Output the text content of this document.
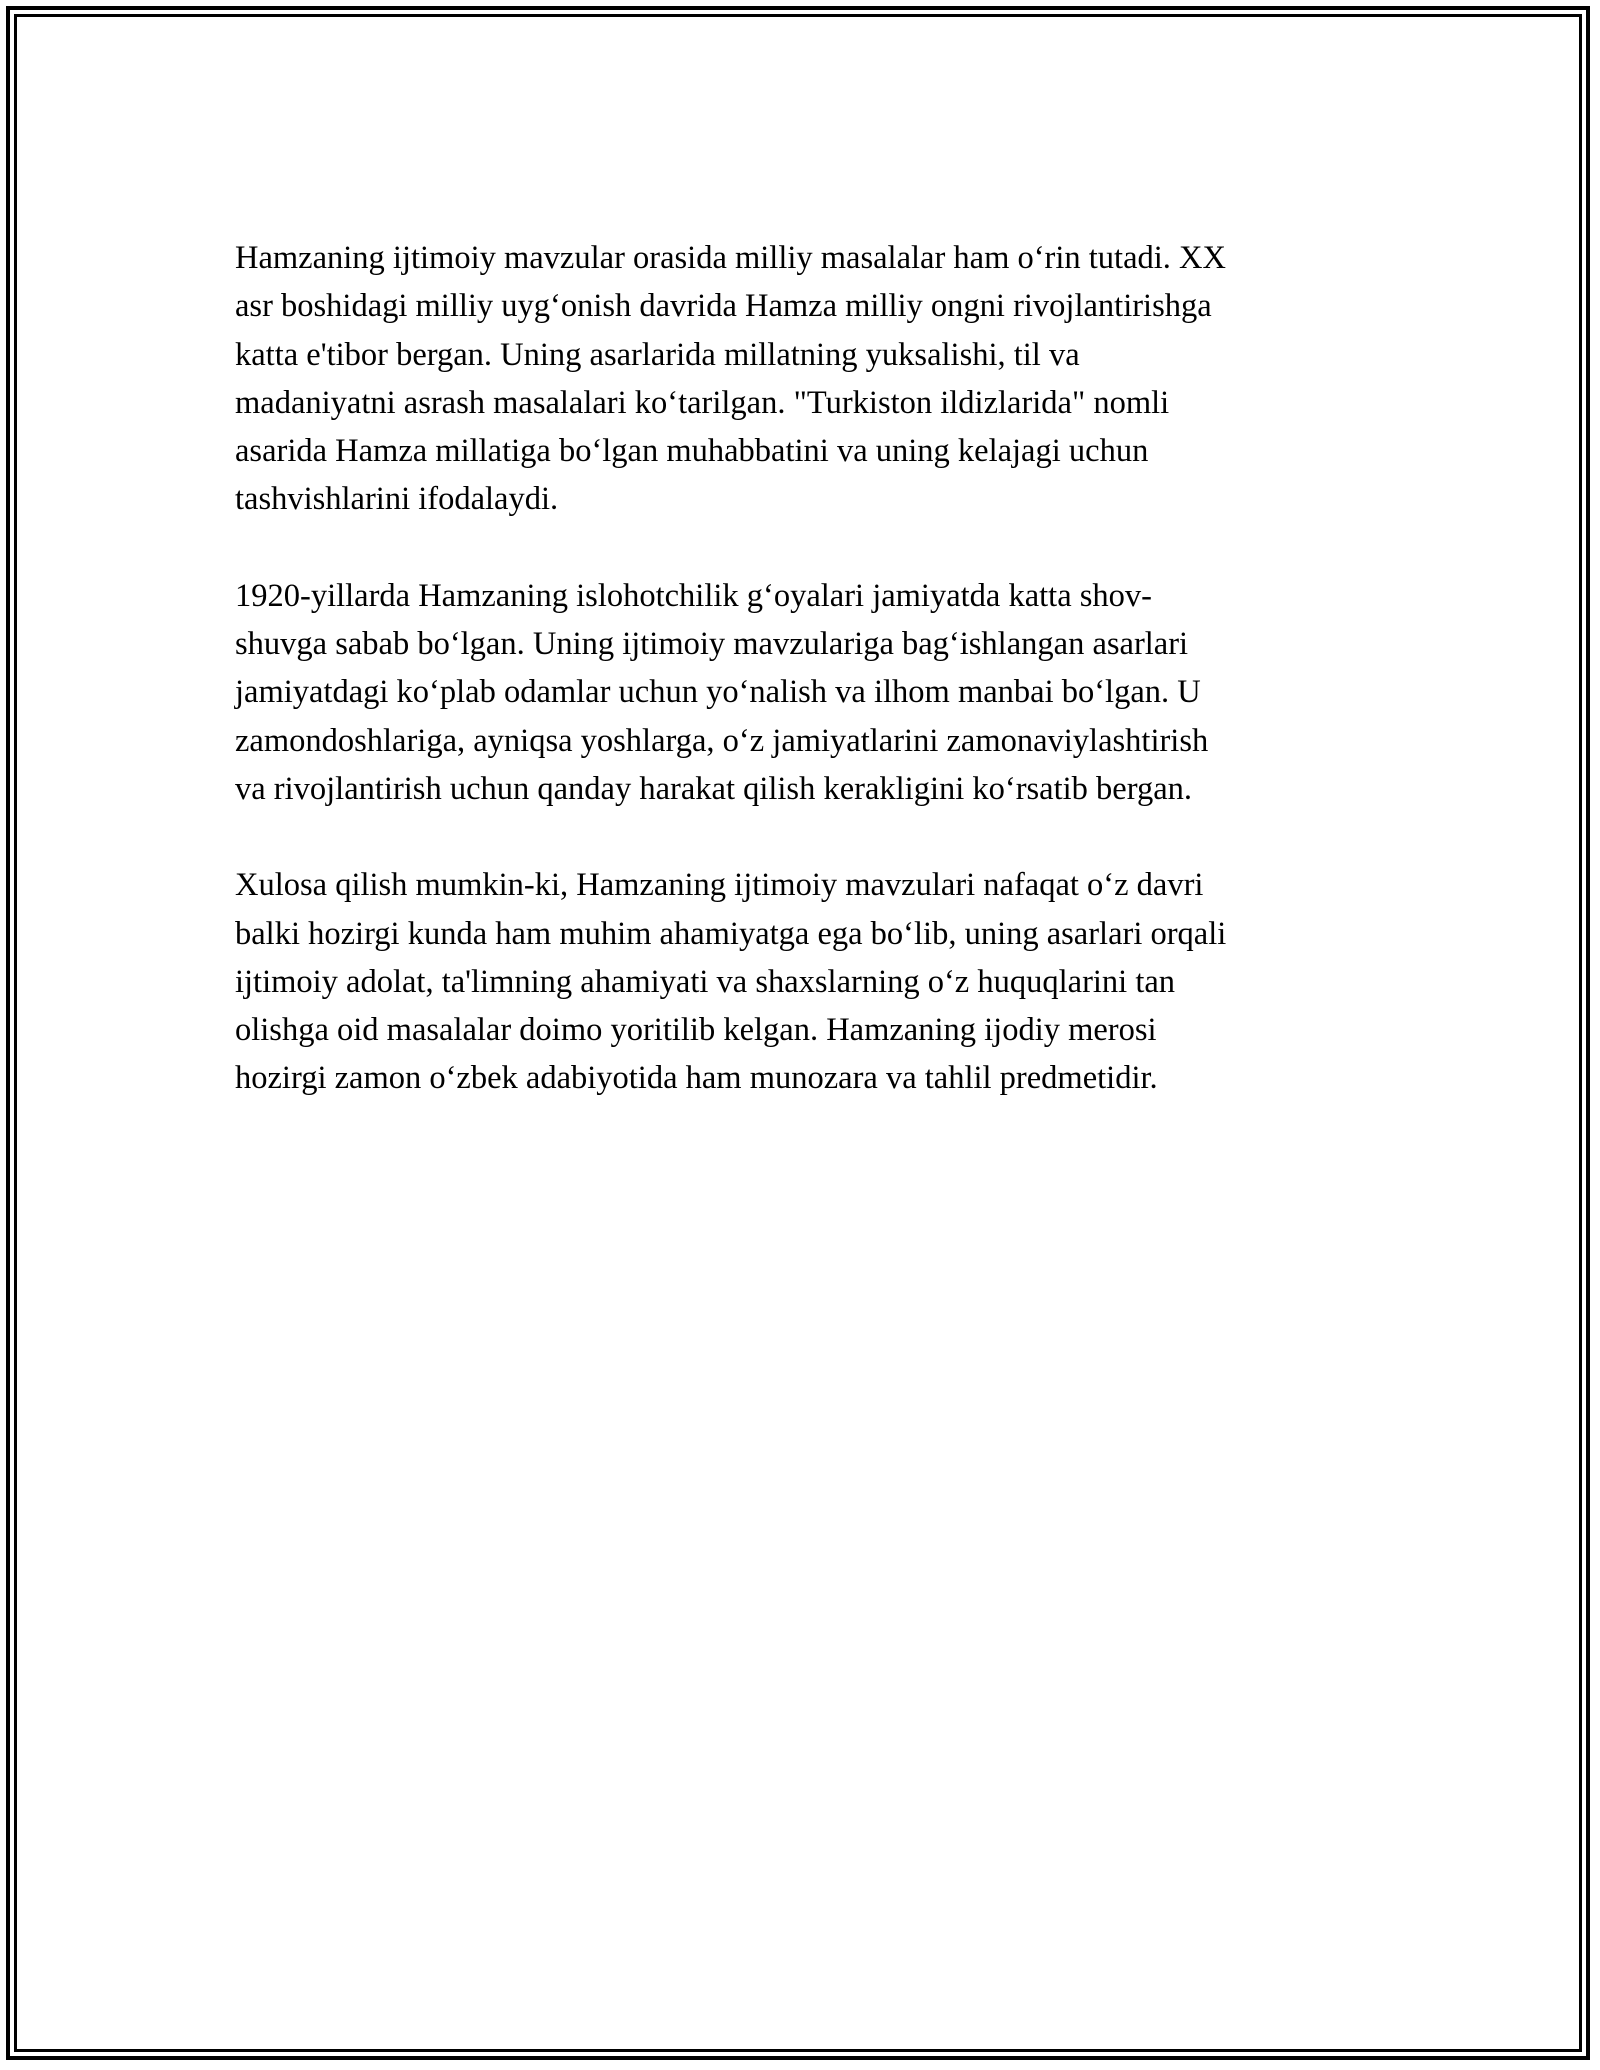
Hamzaning ijtimoiy mavzular orasida milliy masalalar ham o‘rin tutadi. XX
asr boshidagi milliy uyg‘onish davrida Hamza milliy ongni rivojlantirishga
katta e'tibor bergan. Uning asarlarida millatning yuksalishi, til va
madaniyatni asrash masalalari ko‘tarilgan. "Turkiston ildizlarida" nomli
asarida Hamza millatiga bo‘lgan muhabbatini va uning kelajagi uchun
tashvishlarini ifodalaydi.

1920-yillarda Hamzaning islohotchilik g‘oyalari jamiyatda katta shov-
shuvga sabab bo‘lgan. Uning ijtimoiy mavzulariga bag‘ishlangan asarlari
jamiyatdagi ko‘plab odamlar uchun yo‘nalish va ilhom manbai bo‘lgan. U
zamondoshlariga, ayniqsa yoshlarga, o‘z jamiyatlarini zamonaviylashtirish
va rivojlantirish uchun qanday harakat qilish kerakligini ko‘rsatib bergan.

Xulosa qilish mumkin-ki, Hamzaning ijtimoiy mavzulari nafaqat o‘z davri
balki hozirgi kunda ham muhim ahamiyatga ega bo‘lib, uning asarlari orqali
ijtimoiy adolat, ta'limning ahamiyati va shaxslarning o‘z huquqlarini tan
olishga oid masalalar doimo yoritilib kelgan. Hamzaning ijodiy merosi
hozirgi zamon o‘zbek adabiyotida ham munozara va tahlil predmetidir.
